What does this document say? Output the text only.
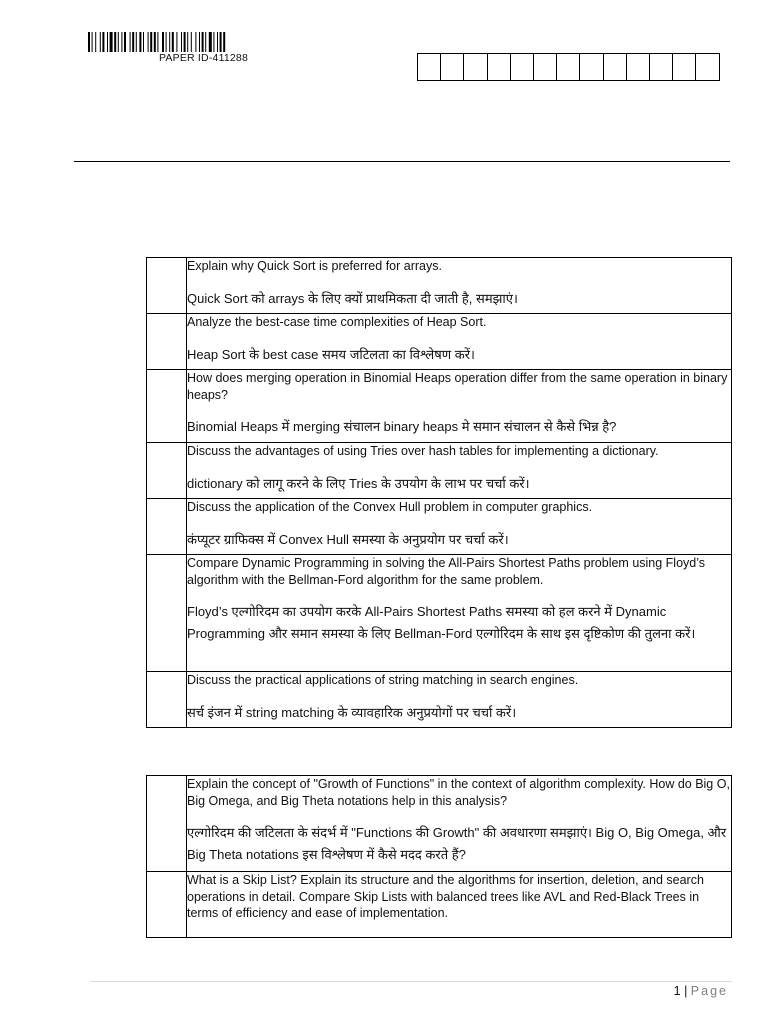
PAPER ID-411288

	Explain why Quick Sort is preferred for arrays.

Quick Sort को arrays के लिए क्यों प्राथमिकता दी जाती है, समझाएं।

	Analyze the best-case time complexities of Heap Sort.

Heap Sort के best case समय जटिलता का विश्लेषण करें।

	How does merging operation in Binomial Heaps operation differ from the same operation in binary heaps?

Binomial Heaps में merging संचालन binary heaps मे समान संचालन से कैसे भिन्न है?

	Discuss the advantages of using Tries over hash tables for implementing a dictionary.

dictionary को लागू करने के लिए Tries के उपयोग के लाभ पर चर्चा करें।

	Discuss the application of the Convex Hull problem in computer graphics.

कंप्यूटर ग्राफिक्स में Convex Hull समस्या के अनुप्रयोग पर चर्चा करें।

	Compare Dynamic Programming in solving the All-Pairs Shortest Paths problem using Floyd’s algorithm with the Bellman-Ford algorithm for the same problem.

Floyd’s एल्गोरिदम का उपयोग करके All-Pairs Shortest Paths समस्या को हल करने में Dynamic Programming और समान समस्या के लिए Bellman-Ford एल्गोरिदम के साथ इस दृष्टिकोण की तुलना करें।

	Discuss the practical applications of string matching in search engines.

सर्च इंजन में string matching के व्यावहारिक अनुप्रयोगों पर चर्चा करें।

	Explain the concept of "Growth of Functions" in the context of algorithm complexity. How do Big O, Big Omega, and Big Theta notations help in this analysis?

एल्गोरिदम की जटिलता के संदर्भ में "Functions की Growth" की अवधारणा समझाएं। Big O, Big Omega, और Big Theta notations इस विश्लेषण में कैसे मदद करते हैं?

	What is a Skip List? Explain its structure and the algorithms for insertion, deletion, and search operations in detail. Compare Skip Lists with balanced trees like AVL and Red-Black Trees in terms of efficiency and ease of implementation.

1 | Page
